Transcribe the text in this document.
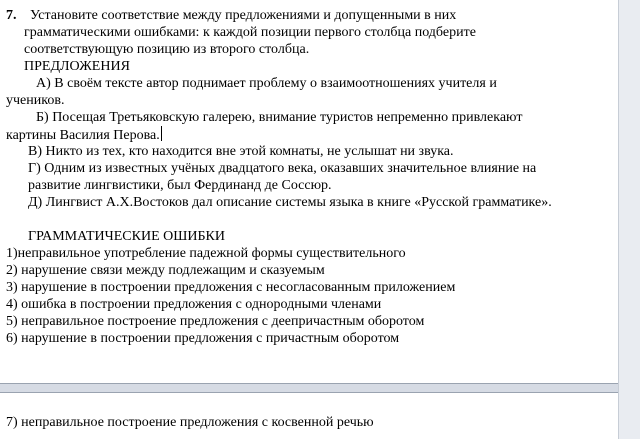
7. Установите соответствие между предложениями и допущенными в них
грамматическими ошибками: к каждой позиции первого столбца подберите
соответствующую позицию из второго столбца.
ПРЕДЛОЖЕНИЯ
А) В своём тексте автор поднимает проблему о взаимоотношениях учителя и
учеников.
Б) Посещая Третьяковскую галерею, внимание туристов непременно привлекают
картины Василия Перова.
В) Никто из тех, кто находится вне этой комнаты, не услышат ни звука.
Г) Одним из известных учёных двадцатого века, оказавших значительное влияние на
развитие лингвистики, был Фердинанд де Соссюр.
Д) Лингвист А.Х.Востоков дал описание системы языка в книге «Русской грамматике».
ГРАММАТИЧЕСКИЕ ОШИБКИ
1)неправильное употребление падежной формы существительного
2) нарушение связи между подлежащим и сказуемым
3) нарушение в построении предложения с несогласованным приложением
4) ошибка в построении предложения с однородными членами
5) неправильное построение предложения с деепричастным оборотом
6) нарушение в построении предложения с причастным оборотом
7) неправильное построение предложения с косвенной речью
